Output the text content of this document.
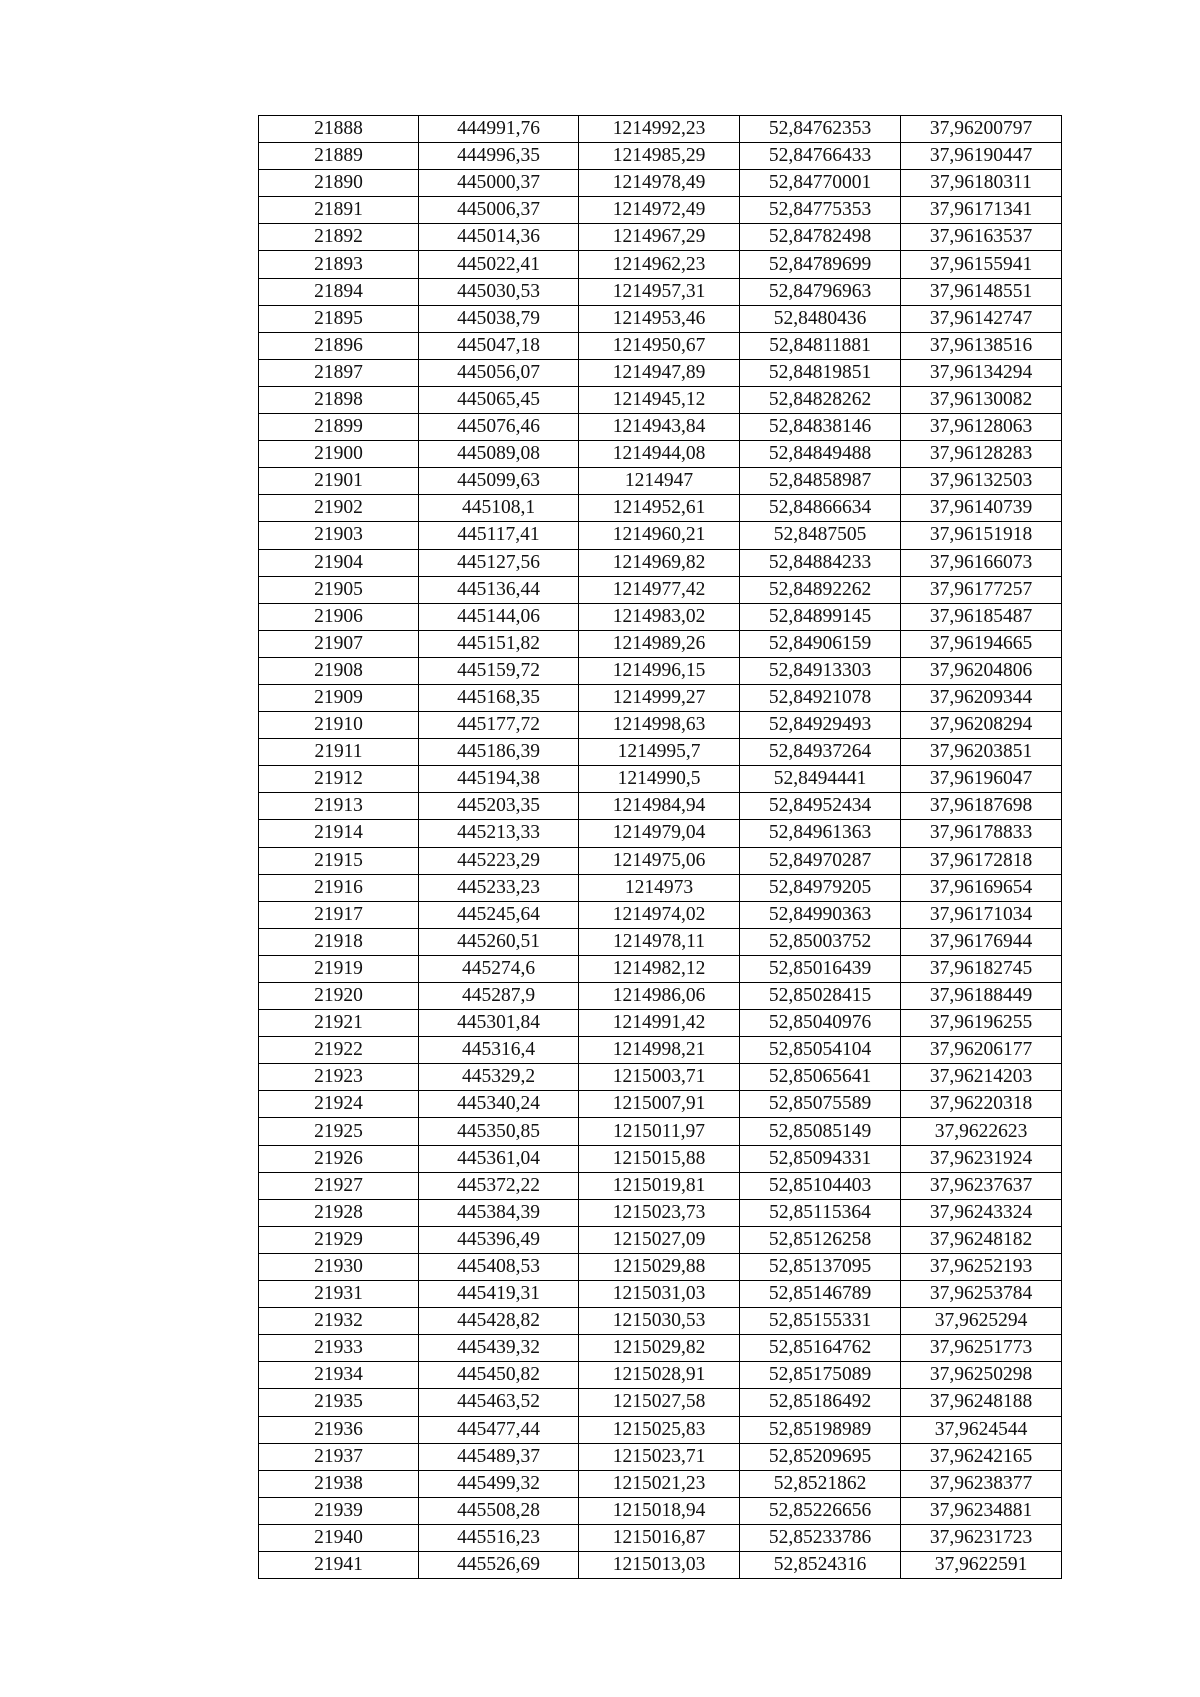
21888	444991,76	1214992,23	52,84762353	37,96200797
21889	444996,35	1214985,29	52,84766433	37,96190447
21890	445000,37	1214978,49	52,84770001	37,96180311
21891	445006,37	1214972,49	52,84775353	37,96171341
21892	445014,36	1214967,29	52,84782498	37,96163537
21893	445022,41	1214962,23	52,84789699	37,96155941
21894	445030,53	1214957,31	52,84796963	37,96148551
21895	445038,79	1214953,46	52,8480436	37,96142747
21896	445047,18	1214950,67	52,84811881	37,96138516
21897	445056,07	1214947,89	52,84819851	37,96134294
21898	445065,45	1214945,12	52,84828262	37,96130082
21899	445076,46	1214943,84	52,84838146	37,96128063
21900	445089,08	1214944,08	52,84849488	37,96128283
21901	445099,63	1214947	52,84858987	37,96132503
21902	445108,1	1214952,61	52,84866634	37,96140739
21903	445117,41	1214960,21	52,8487505	37,96151918
21904	445127,56	1214969,82	52,84884233	37,96166073
21905	445136,44	1214977,42	52,84892262	37,96177257
21906	445144,06	1214983,02	52,84899145	37,96185487
21907	445151,82	1214989,26	52,84906159	37,96194665
21908	445159,72	1214996,15	52,84913303	37,96204806
21909	445168,35	1214999,27	52,84921078	37,96209344
21910	445177,72	1214998,63	52,84929493	37,96208294
21911	445186,39	1214995,7	52,84937264	37,96203851
21912	445194,38	1214990,5	52,8494441	37,96196047
21913	445203,35	1214984,94	52,84952434	37,96187698
21914	445213,33	1214979,04	52,84961363	37,96178833
21915	445223,29	1214975,06	52,84970287	37,96172818
21916	445233,23	1214973	52,84979205	37,96169654
21917	445245,64	1214974,02	52,84990363	37,96171034
21918	445260,51	1214978,11	52,85003752	37,96176944
21919	445274,6	1214982,12	52,85016439	37,96182745
21920	445287,9	1214986,06	52,85028415	37,96188449
21921	445301,84	1214991,42	52,85040976	37,96196255
21922	445316,4	1214998,21	52,85054104	37,96206177
21923	445329,2	1215003,71	52,85065641	37,96214203
21924	445340,24	1215007,91	52,85075589	37,96220318
21925	445350,85	1215011,97	52,85085149	37,9622623
21926	445361,04	1215015,88	52,85094331	37,96231924
21927	445372,22	1215019,81	52,85104403	37,96237637
21928	445384,39	1215023,73	52,85115364	37,96243324
21929	445396,49	1215027,09	52,85126258	37,96248182
21930	445408,53	1215029,88	52,85137095	37,96252193
21931	445419,31	1215031,03	52,85146789	37,96253784
21932	445428,82	1215030,53	52,85155331	37,9625294
21933	445439,32	1215029,82	52,85164762	37,96251773
21934	445450,82	1215028,91	52,85175089	37,96250298
21935	445463,52	1215027,58	52,85186492	37,96248188
21936	445477,44	1215025,83	52,85198989	37,9624544
21937	445489,37	1215023,71	52,85209695	37,96242165
21938	445499,32	1215021,23	52,8521862	37,96238377
21939	445508,28	1215018,94	52,85226656	37,96234881
21940	445516,23	1215016,87	52,85233786	37,96231723
21941	445526,69	1215013,03	52,8524316	37,9622591
